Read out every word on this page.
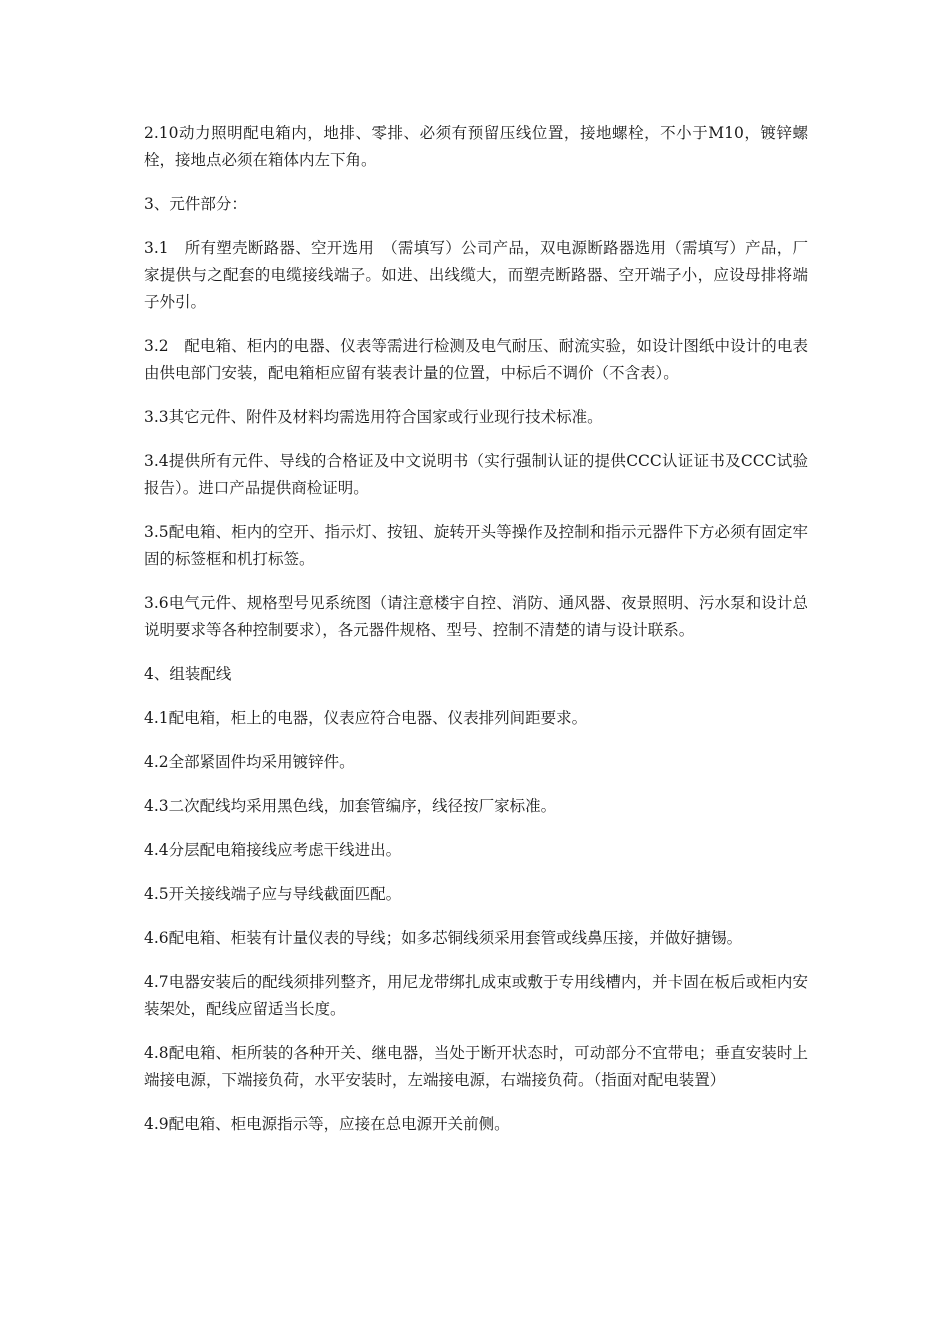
2.10动力照明配电箱内，地排、零排、必须有预留压线位置，接地螺栓，不小于M10，镀锌螺栓，接地点必须在箱体内左下角。

3、元件部分：

3.1　所有塑壳断路器、空开选用　（需填写）公司产品，双电源断路器选用（需填写）产品，厂家提供与之配套的电缆接线端子。如进、出线缆大，而塑壳断路器、空开端子小，应设母排将端子外引。

3.2　配电箱、柜内的电器、仪表等需进行检测及电气耐压、耐流实验，如设计图纸中设计的电表由供电部门安装，配电箱柜应留有装表计量的位置，中标后不调价（不含表）。

3.3其它元件、附件及材料均需选用符合国家或行业现行技术标准。

3.4提供所有元件、导线的合格证及中文说明书（实行强制认证的提供CCC认证证书及CCC试验报告）。进口产品提供商检证明。

3.5配电箱、柜内的空开、指示灯、按钮、旋转开头等操作及控制和指示元器件下方必须有固定牢固的标签框和机打标签。

3.6电气元件、规格型号见系统图（请注意楼宇自控、消防、通风器、夜景照明、污水泵和设计总说明要求等各种控制要求），各元器件规格、型号、控制不清楚的请与设计联系。

4、组装配线

4.1配电箱，柜上的电器，仪表应符合电器、仪表排列间距要求。

4.2全部紧固件均采用镀锌件。

4.3二次配线均采用黑色线，加套管编序，线径按厂家标准。

4.4分层配电箱接线应考虑干线进出。

4.5开关接线端子应与导线截面匹配。

4.6配电箱、柜装有计量仪表的导线；如多芯铜线须采用套管或线鼻压接，并做好搪锡。

4.7电器安装后的配线须排列整齐，用尼龙带绑扎成束或敷于专用线槽内，并卡固在板后或柜内安装架处，配线应留适当长度。

4.8配电箱、柜所装的各种开关、继电器，当处于断开状态时，可动部分不宜带电；垂直安装时上端接电源，下端接负荷，水平安装时，左端接电源，右端接负荷。（指面对配电装置）

4.9配电箱、柜电源指示等，应接在总电源开关前侧。
